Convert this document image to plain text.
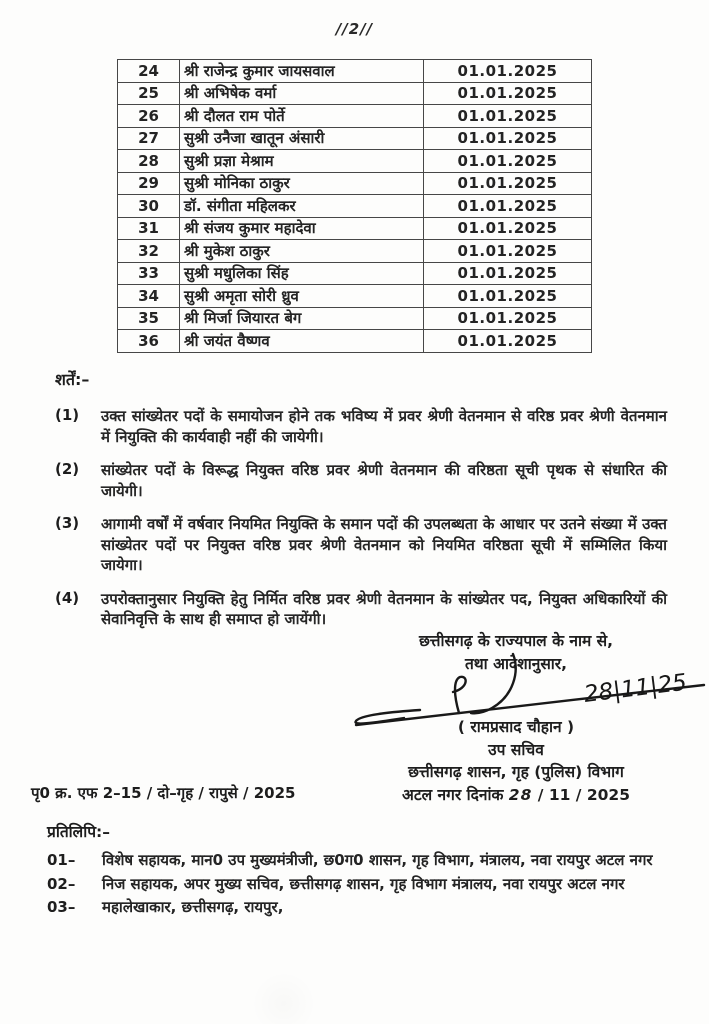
//2//
24	श्री राजेन्द्र कुमार जायसवाल	01.01.2025
25	श्री अभिषेक वर्मा	01.01.2025
26	श्री दौलत राम पोर्ते	01.01.2025
27	सुश्री उनैजा खातून अंसारी	01.01.2025
28	सुश्री प्रज्ञा मेश्राम	01.01.2025
29	सुश्री मोनिका ठाकुर	01.01.2025
30	डॉ. संगीता महिलकर	01.01.2025
31	श्री संजय कुमार महादेवा	01.01.2025
32	श्री मुकेश ठाकुर	01.01.2025
33	सुश्री मधुलिका सिंह	01.01.2025
34	सुश्री अमृता सोरी ध्रुव	01.01.2025
35	श्री मिर्जा जियारत बेग	01.01.2025
36	श्री जयंत वैष्णव	01.01.2025
शर्तें:–
(1)	उक्त सांख्येतर पदों के समायोजन होने तक भविष्य में प्रवर श्रेणी वेतनमान से वरिष्ठ प्रवर श्रेणी वेतनमान में नियुक्ति की कार्यवाही नहीं की जायेगी।
(2)	सांख्येतर पदों के विरूद्ध नियुक्त वरिष्ठ प्रवर श्रेणी वेतनमान की वरिष्ठता सूची पृथक से संधारित की जायेगी।
(3)	आगामी वर्षों में वर्षवार नियमित नियुक्ति के समान पदों की उपलब्धता के आधार पर उतने संख्या में उक्त सांख्येतर पदों पर नियुक्त वरिष्ठ प्रवर श्रेणी वेतनमान को नियमित वरिष्ठता सूची में सम्मिलित किया जायेगा।
(4)	उपरोक्तानुसार नियुक्ति हेतु निर्मित वरिष्ठ प्रवर श्रेणी वेतनमान के सांख्येतर पद, नियुक्त अधिकारियों की सेवानिवृत्ति के साथ ही समाप्त हो जायेंगी।
छत्तीसगढ़ के राज्यपाल के नाम से,
तथा आदेशानुसार,
( रामप्रसाद चौहान )
उप सचिव
छत्तीसगढ़ शासन, गृह (पुलिस) विभाग
अटल नगर दिनांक 28 / 11 / 2025
28|11|25
पृ0 क्र. एफ 2–15 / दो–गृह / रापुसे / 2025
प्रतिलिपि:–
01–	विशेष सहायक, मान0 उप मुख्यमंत्रीजी, छ0ग0 शासन, गृह विभाग, मंत्रालय, नवा रायपुर अटल नगर
02–	निज सहायक, अपर मुख्य सचिव, छत्तीसगढ़ शासन, गृह विभाग मंत्रालय, नवा रायपुर अटल नगर
03–	महालेखाकार, छत्तीसगढ़, रायपुर,
